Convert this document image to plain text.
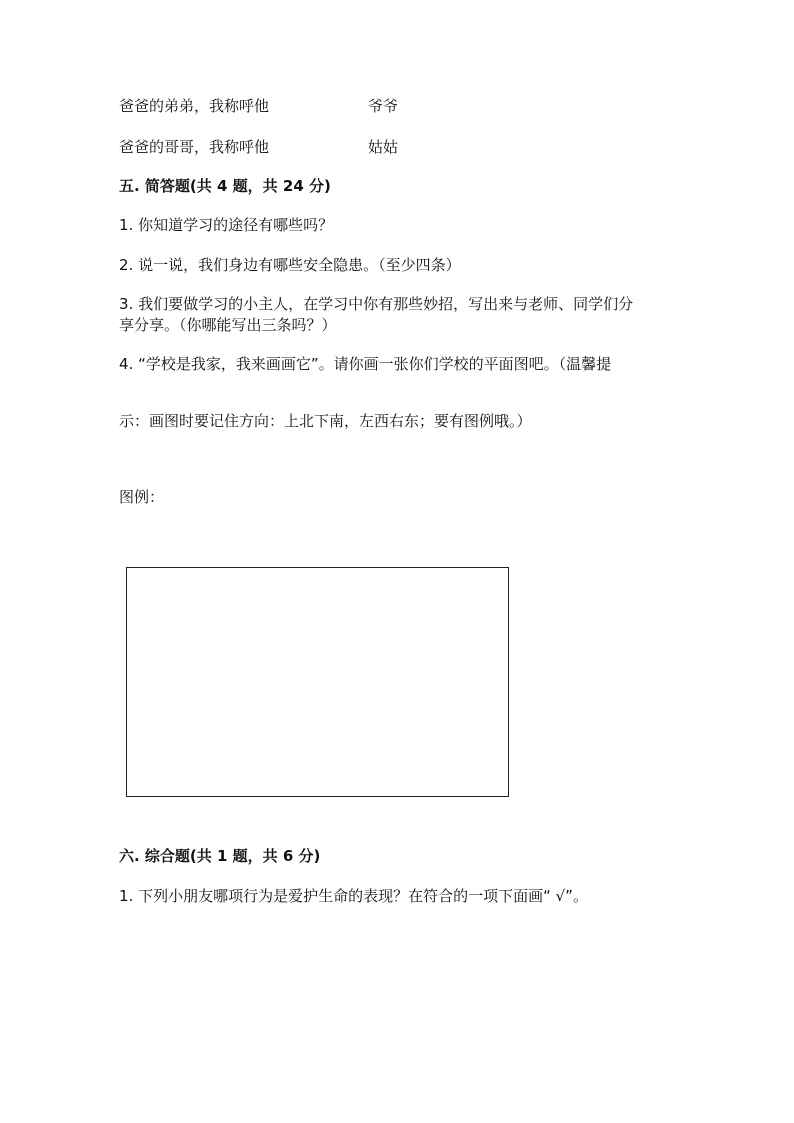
爸爸的弟弟，我称呼他	爷爷
爸爸的哥哥，我称呼他	姑姑
五. 简答题(共 4 题，共 24 分)
1. 你知道学习的途径有哪些吗？
2. 说一说，我们身边有哪些安全隐患。（至少四条）
3. 我们要做学习的小主人，在学习中你有那些妙招，写出来与老师、同学们分
享分享。（你哪能写出三条吗？）
4. “学校是我家，我来画画它”。请你画一张你们学校的平面图吧。（温馨提
示：画图时要记住方向：上北下南，左西右东；要有图例哦。）
图例：
六. 综合题(共 1 题，共 6 分)
1. 下列小朋友哪项行为是爱护生命的表现？在符合的一项下面画“ √”。
